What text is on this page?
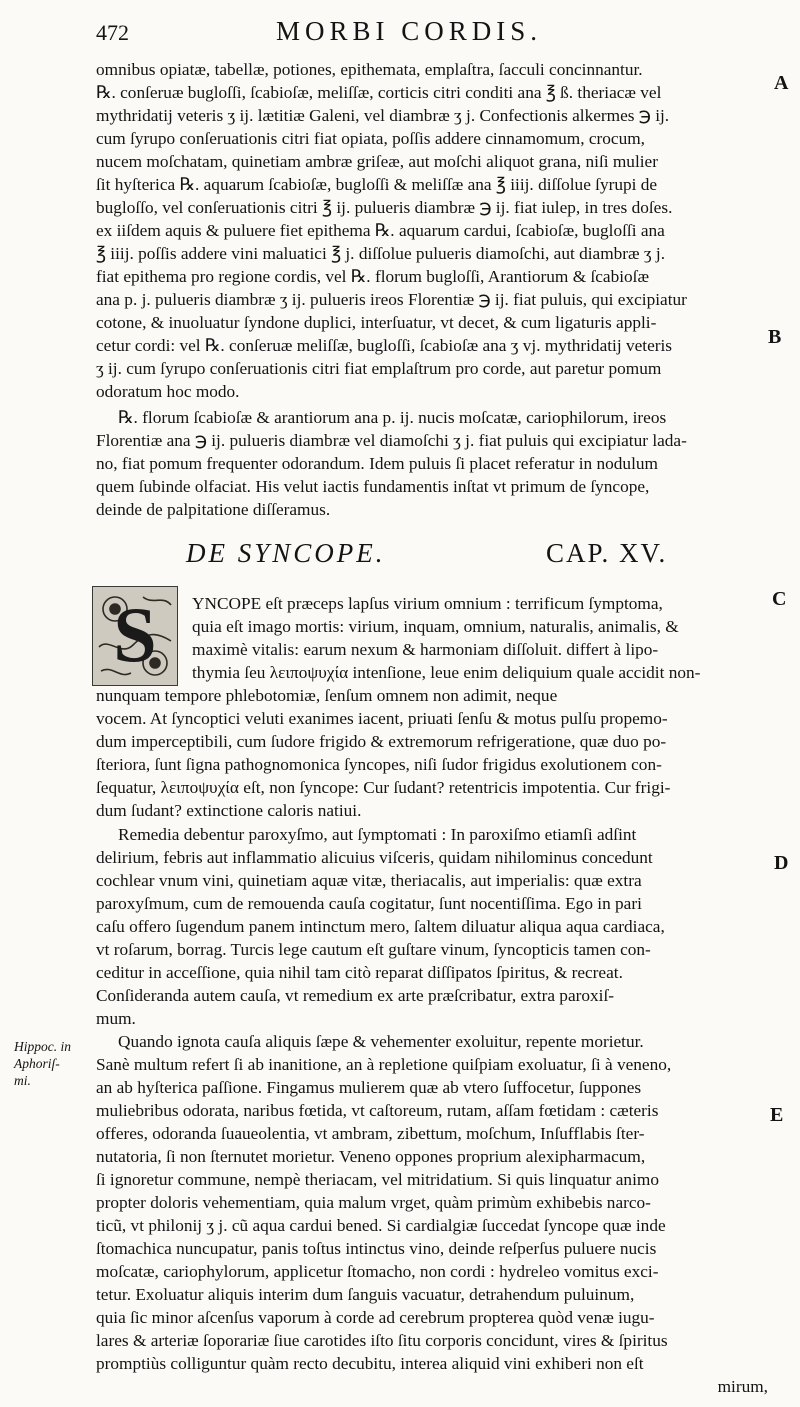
472	MORBI CORDIS.
omnibus opiatæ, tabellæ, potiones, epithemata, emplaſtra, ſacculi concinnantur.
℞. conſeruæ bugloſſi, ſcabioſæ, meliſſæ, corticis citri conditi ana ℥ ß. theriacæ vel
mythridatij veteris ʒ ij. lætitiæ Galeni, vel diambræ ʒ j. Confectionis alkermes ℈ ij.
cum ſyrupo conſeruationis citri fiat opiata, poſſis addere cinnamomum, crocum,
nucem moſchatam, quinetiam ambræ griſeæ, aut moſchi aliquot grana, niſi mulier
ſit hyſterica ℞. aquarum ſcabioſæ, bugloſſi & meliſſæ ana ℥ iiij. diſſolue ſyrupi de
bugloſſo, vel conſeruationis citri ℥ ij. pulueris diambræ ℈ ij. fiat iulep, in tres doſes.
ex iiſdem aquis & puluere fiet epithema ℞. aquarum cardui, ſcabioſæ, bugloſſi ana
℥ iiij. poſſis addere vini maluatici ℥ j. diſſolue pulueris diamoſchi, aut diambræ ʒ j.
fiat epithema pro regione cordis, vel ℞. florum bugloſſi, Arantiorum & ſcabioſæ
ana p. j. pulueris diambræ ʒ ij. pulueris ireos Florentiæ ℈ ij. fiat puluis, qui excipiatur
cotone, & inuoluatur ſyndone duplici, interſuatur, vt decet, & cum ligaturis appli-
cetur cordi: vel ℞. conſeruæ meliſſæ, bugloſſi, ſcabioſæ ana ʒ vj. mythridatij veteris
ʒ ij. cum ſyrupo conſeruationis citri fiat emplaſtrum pro corde, aut paretur pomum
odoratum hoc modo.
℞. florum ſcabioſæ & arantiorum ana p. ij. nucis moſcatæ, cariophilorum, ireos
Florentiæ ana ℈ ij. pulueris diambræ vel diamoſchi ʒ j. fiat puluis qui excipiatur lada-
no, fiat pomum frequenter odorandum. Idem puluis ſi placet referatur in nodulum
quem ſubinde olfaciat. His velut iactis fundamentis inſtat vt primum de ſyncope,
deinde de palpitatione diſſeramus.
DE SYNCOPE.	CAP. XV.
S YNCOPE eſt præceps lapſus virium omnium : terrificum ſymptoma,
quia eſt imago mortis: virium, inquam, omnium, naturalis, animalis, &
maximè vitalis: earum nexum & harmoniam diſſoluit. differt à lipo-
thymia ſeu λειποψυχία intenſione, leue enim deliquium quale accidit non-
nunquam tempore phlebotomiæ, ſenſum omnem non adimit, neque
vocem. At ſyncoptici veluti exanimes iacent, priuati ſenſu & motus pulſu propemo-
dum imperceptibili, cum ſudore frigido & extremorum refrigeratione, quæ duo po-
ſteriora, ſunt ſigna pathognomonica ſyncopes, niſi ſudor frigidus exolutionem con-
ſequatur, λειποψυχία eſt, non ſyncope: Cur ſudant? retentricis impotentia. Cur frigi-
dum ſudant? extinctione caloris natiui.
Remedia debentur paroxyſmo, aut ſymptomati : In paroxiſmo etiamſi adſint
delirium, febris aut inflammatio alicuius viſceris, quidam nihilominus concedunt
cochlear vnum vini, quinetiam aquæ vitæ, theriacalis, aut imperialis: quæ extra
paroxyſmum, cum de remouenda cauſa cogitatur, ſunt nocentiſſima. Ego in pari
caſu offero ſugendum panem intinctum mero, ſaltem diluatur aliqua aqua cardiaca,
vt roſarum, borrag. Turcis lege cautum eſt guſtare vinum, ſyncopticis tamen con-
ceditur in acceſſione, quia nihil tam citò reparat diſſipatos ſpiritus, & recreat.
Conſideranda autem cauſa, vt remedium ex arte præſcribatur, extra paroxiſ-
mum.
Quando ignota cauſa aliquis ſæpe & vehementer exoluitur, repente morietur.
Sanè multum refert ſi ab inanitione, an à repletione quiſpiam exoluatur, ſi à veneno,
an ab hyſterica paſſione. Fingamus mulierem quæ ab vtero ſuffocetur, ſuppones
muliebribus odorata, naribus fœtida, vt caſtoreum, rutam, aſſam fœtidam : cæteris
offeres, odoranda ſuaueolentia, vt ambram, zibettum, moſchum, Inſufflabis ſter-
nutatoria, ſi non ſternutet morietur. Veneno oppones proprium alexipharmacum,
ſi ignoretur commune, nempè theriacam, vel mitridatium. Si quis linquatur animo
propter doloris vehementiam, quia malum vrget, quàm primùm exhibebis narco-
ticũ, vt philonij ʒ j. cũ aqua cardui bened. Si cardialgiæ ſuccedat ſyncope quæ inde
ſtomachica nuncupatur, panis toſtus intinctus vino, deinde reſperſus puluere nucis
moſcatæ, cariophylorum, applicetur ſtomacho, non cordi : hydreleo vomitus exci-
tetur. Exoluatur aliquis interim dum ſanguis vacuatur, detrahendum puluinum,
quia ſic minor aſcenſus vaporum à corde ad cerebrum propterea quòd venæ iugu-
lares & arteriæ ſoporariæ ſiue carotides iſto ſitu corporis concidunt, vires & ſpiritus
promptiùs colliguntur quàm recto decubitu, interea aliquid vini exhiberi non eſt
mirum,
A
B
C
D
E
Hippoc. in
Aphoriſ-
mi.
